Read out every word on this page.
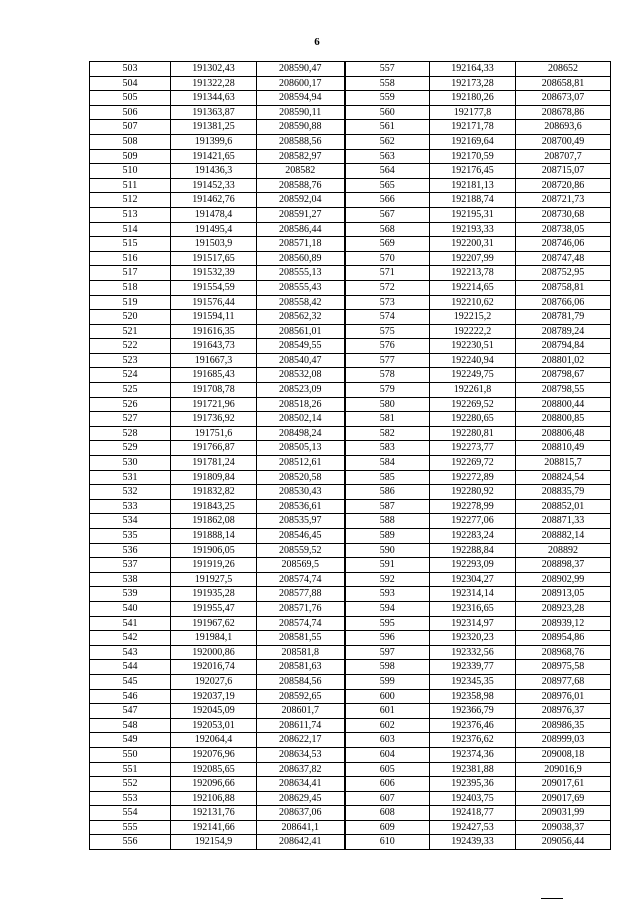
6
503	191302,43	208590,47	557	192164,33	208652
504	191322,28	208600,17	558	192173,28	208658,81
505	191344,63	208594,94	559	192180,26	208673,07
506	191363,87	208590,11	560	192177,8	208678,86
507	191381,25	208590,88	561	192171,78	208693,6
508	191399,6	208588,56	562	192169,64	208700,49
509	191421,65	208582,97	563	192170,59	208707,7
510	191436,3	208582	564	192176,45	208715,07
511	191452,33	208588,76	565	192181,13	208720,86
512	191462,76	208592,04	566	192188,74	208721,73
513	191478,4	208591,27	567	192195,31	208730,68
514	191495,4	208586,44	568	192193,33	208738,05
515	191503,9	208571,18	569	192200,31	208746,06
516	191517,65	208560,89	570	192207,99	208747,48
517	191532,39	208555,13	571	192213,78	208752,95
518	191554,59	208555,43	572	192214,65	208758,81
519	191576,44	208558,42	573	192210,62	208766,06
520	191594,11	208562,32	574	192215,2	208781,79
521	191616,35	208561,01	575	192222,2	208789,24
522	191643,73	208549,55	576	192230,51	208794,84
523	191667,3	208540,47	577	192240,94	208801,02
524	191685,43	208532,08	578	192249,75	208798,67
525	191708,78	208523,09	579	192261,8	208798,55
526	191721,96	208518,26	580	192269,52	208800,44
527	191736,92	208502,14	581	192280,65	208800,85
528	191751,6	208498,24	582	192280,81	208806,48
529	191766,87	208505,13	583	192273,77	208810,49
530	191781,24	208512,61	584	192269,72	208815,7
531	191809,84	208520,58	585	192272,89	208824,54
532	191832,82	208530,43	586	192280,92	208835,79
533	191843,25	208536,61	587	192278,99	208852,01
534	191862,08	208535,97	588	192277,06	208871,33
535	191888,14	208546,45	589	192283,24	208882,14
536	191906,05	208559,52	590	192288,84	208892
537	191919,26	208569,5	591	192293,09	208898,37
538	191927,5	208574,74	592	192304,27	208902,99
539	191935,28	208577,88	593	192314,14	208913,05
540	191955,47	208571,76	594	192316,65	208923,28
541	191967,62	208574,74	595	192314,97	208939,12
542	191984,1	208581,55	596	192320,23	208954,86
543	192000,86	208581,8	597	192332,56	208968,76
544	192016,74	208581,63	598	192339,77	208975,58
545	192027,6	208584,56	599	192345,35	208977,68
546	192037,19	208592,65	600	192358,98	208976,01
547	192045,09	208601,7	601	192366,79	208976,37
548	192053,01	208611,74	602	192376,46	208986,35
549	192064,4	208622,17	603	192376,62	208999,03
550	192076,96	208634,53	604	192374,36	209008,18
551	192085,65	208637,82	605	192381,88	209016,9
552	192096,66	208634,41	606	192395,36	209017,61
553	192106,88	208629,45	607	192403,75	209017,69
554	192131,76	208637,06	608	192418,77	209031,99
555	192141,66	208641,1	609	192427,53	209038,37
556	192154,9	208642,41	610	192439,33	209056,44
